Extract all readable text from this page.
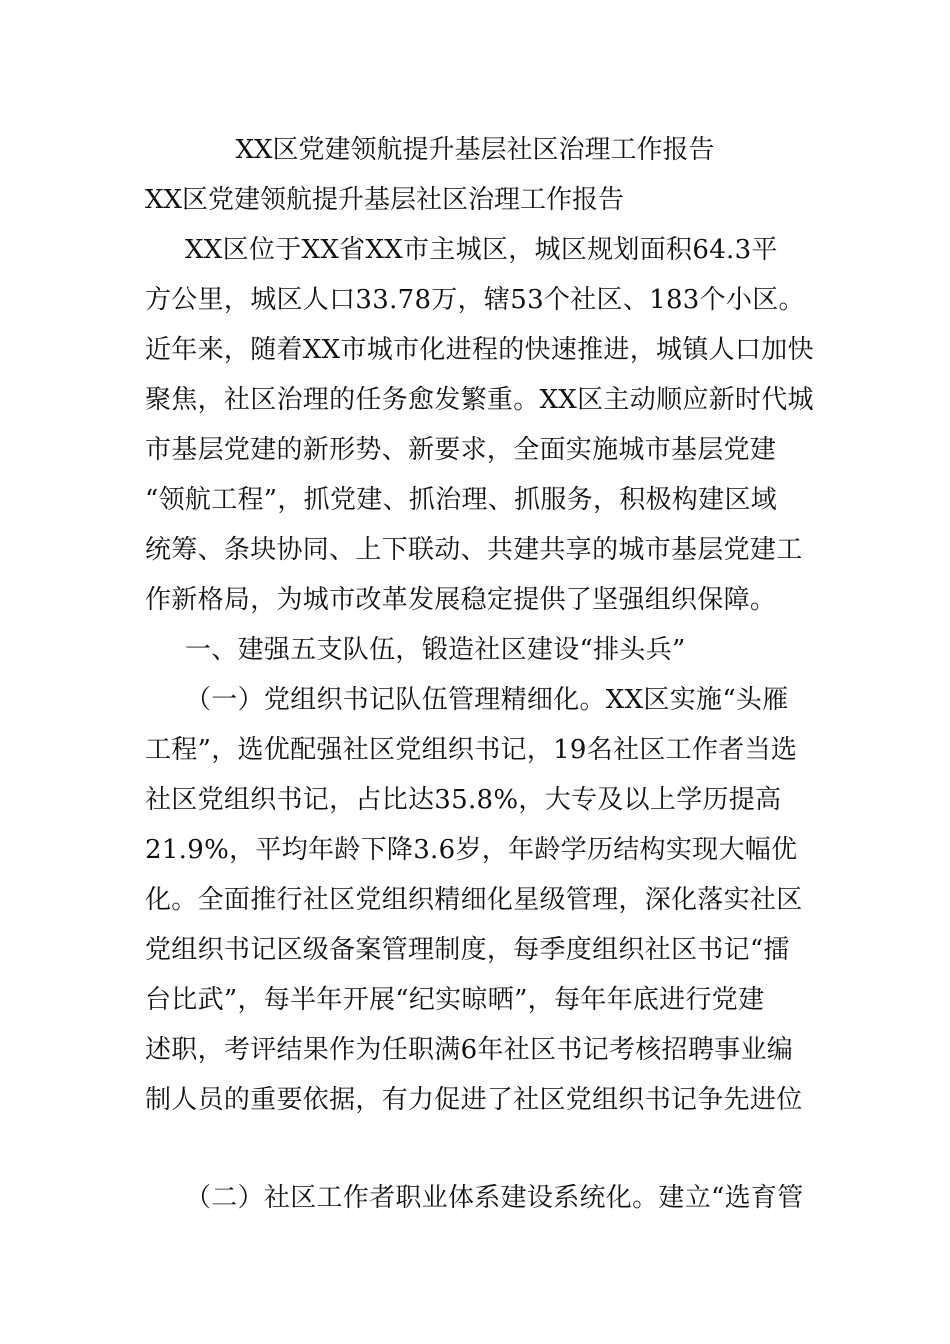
XX区党建领航提升基层社区治理工作报告
XX区党建领航提升基层社区治理工作报告
XX区位于XX省XX市主城区，城区规划面积64.3平
方公里，城区人口33.78万，辖53个社区、183个小区。
近年来，随着XX市城市化进程的快速推进，城镇人口加快
聚焦，社区治理的任务愈发繁重。XX区主动顺应新时代城
市基层党建的新形势、新要求，全面实施城市基层党建
“领航工程”，抓党建、抓治理、抓服务，积极构建区域
统筹、条块协同、上下联动、共建共享的城市基层党建工
作新格局，为城市改革发展稳定提供了坚强组织保障。
一、建强五支队伍，锻造社区建设“排头兵”
（一）党组织书记队伍管理精细化。XX区实施“头雁
工程”，选优配强社区党组织书记，19名社区工作者当选
社区党组织书记，占比达35.8%，大专及以上学历提高
21.9%，平均年龄下降3.6岁，年龄学历结构实现大幅优
化。全面推行社区党组织精细化星级管理，深化落实社区
党组织书记区级备案管理制度，每季度组织社区书记“擂
台比武”，每半年开展“纪实晾晒”，每年年底进行党建
述职，考评结果作为任职满6年社区书记考核招聘事业编
制人员的重要依据，有力促进了社区党组织书记争先进位
（二）社区工作者职业体系建设系统化。建立“选育管
